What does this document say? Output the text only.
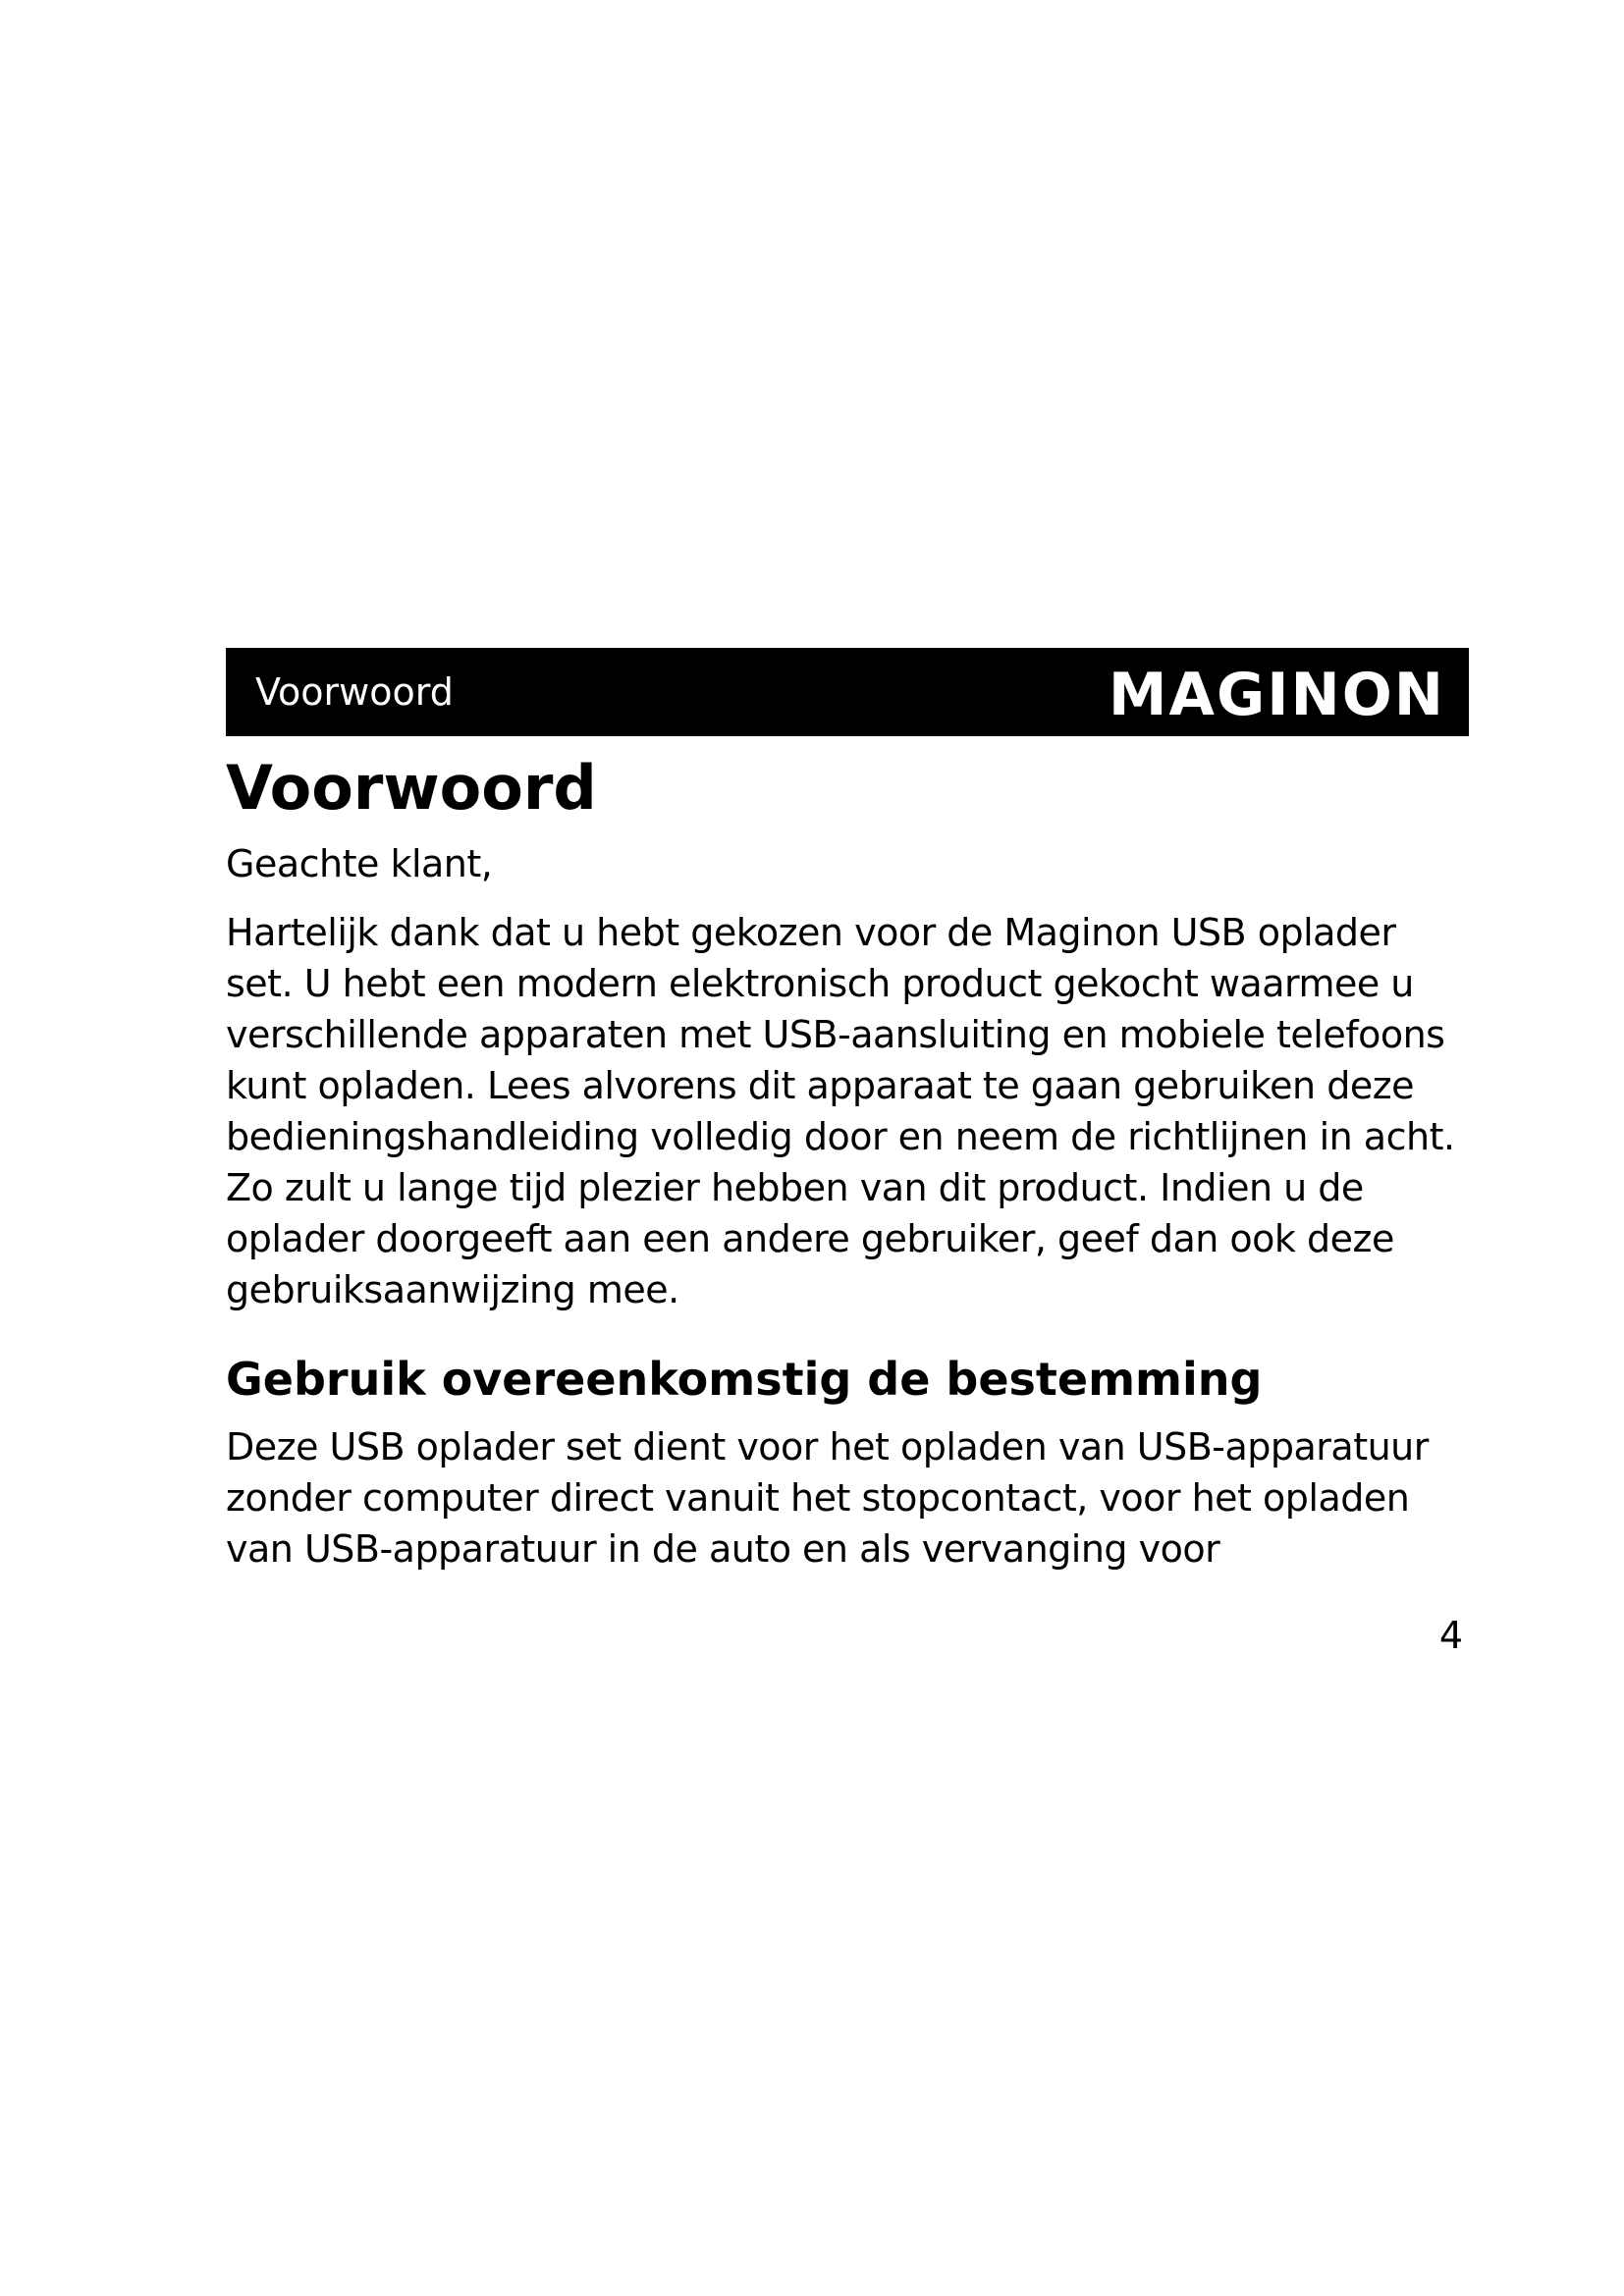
Voorwoord	MAGINON
Voorwoord

Geachte klant,

Hartelijk dank dat u hebt gekozen voor de Maginon USB oplader set. U hebt een modern elektronisch product gekocht waarmee u verschillende apparaten met USB-aansluiting en mobiele telefoons kunt opladen. Lees alvorens dit apparaat te gaan gebruiken deze bedieningshandleiding volledig door en neem de richtlijnen in acht. Zo zult u lange tijd plezier hebben van dit product. Indien u de oplader doorgeeft aan een andere gebruiker, geef dan ook deze gebruiksaanwijzing mee.

Gebruik overeenkomstig de bestemming

Deze USB oplader set dient voor het opladen van USB-apparatuur zonder computer direct vanuit het stopcontact, voor het opladen van USB-apparatuur in de auto en als vervanging voor

4
